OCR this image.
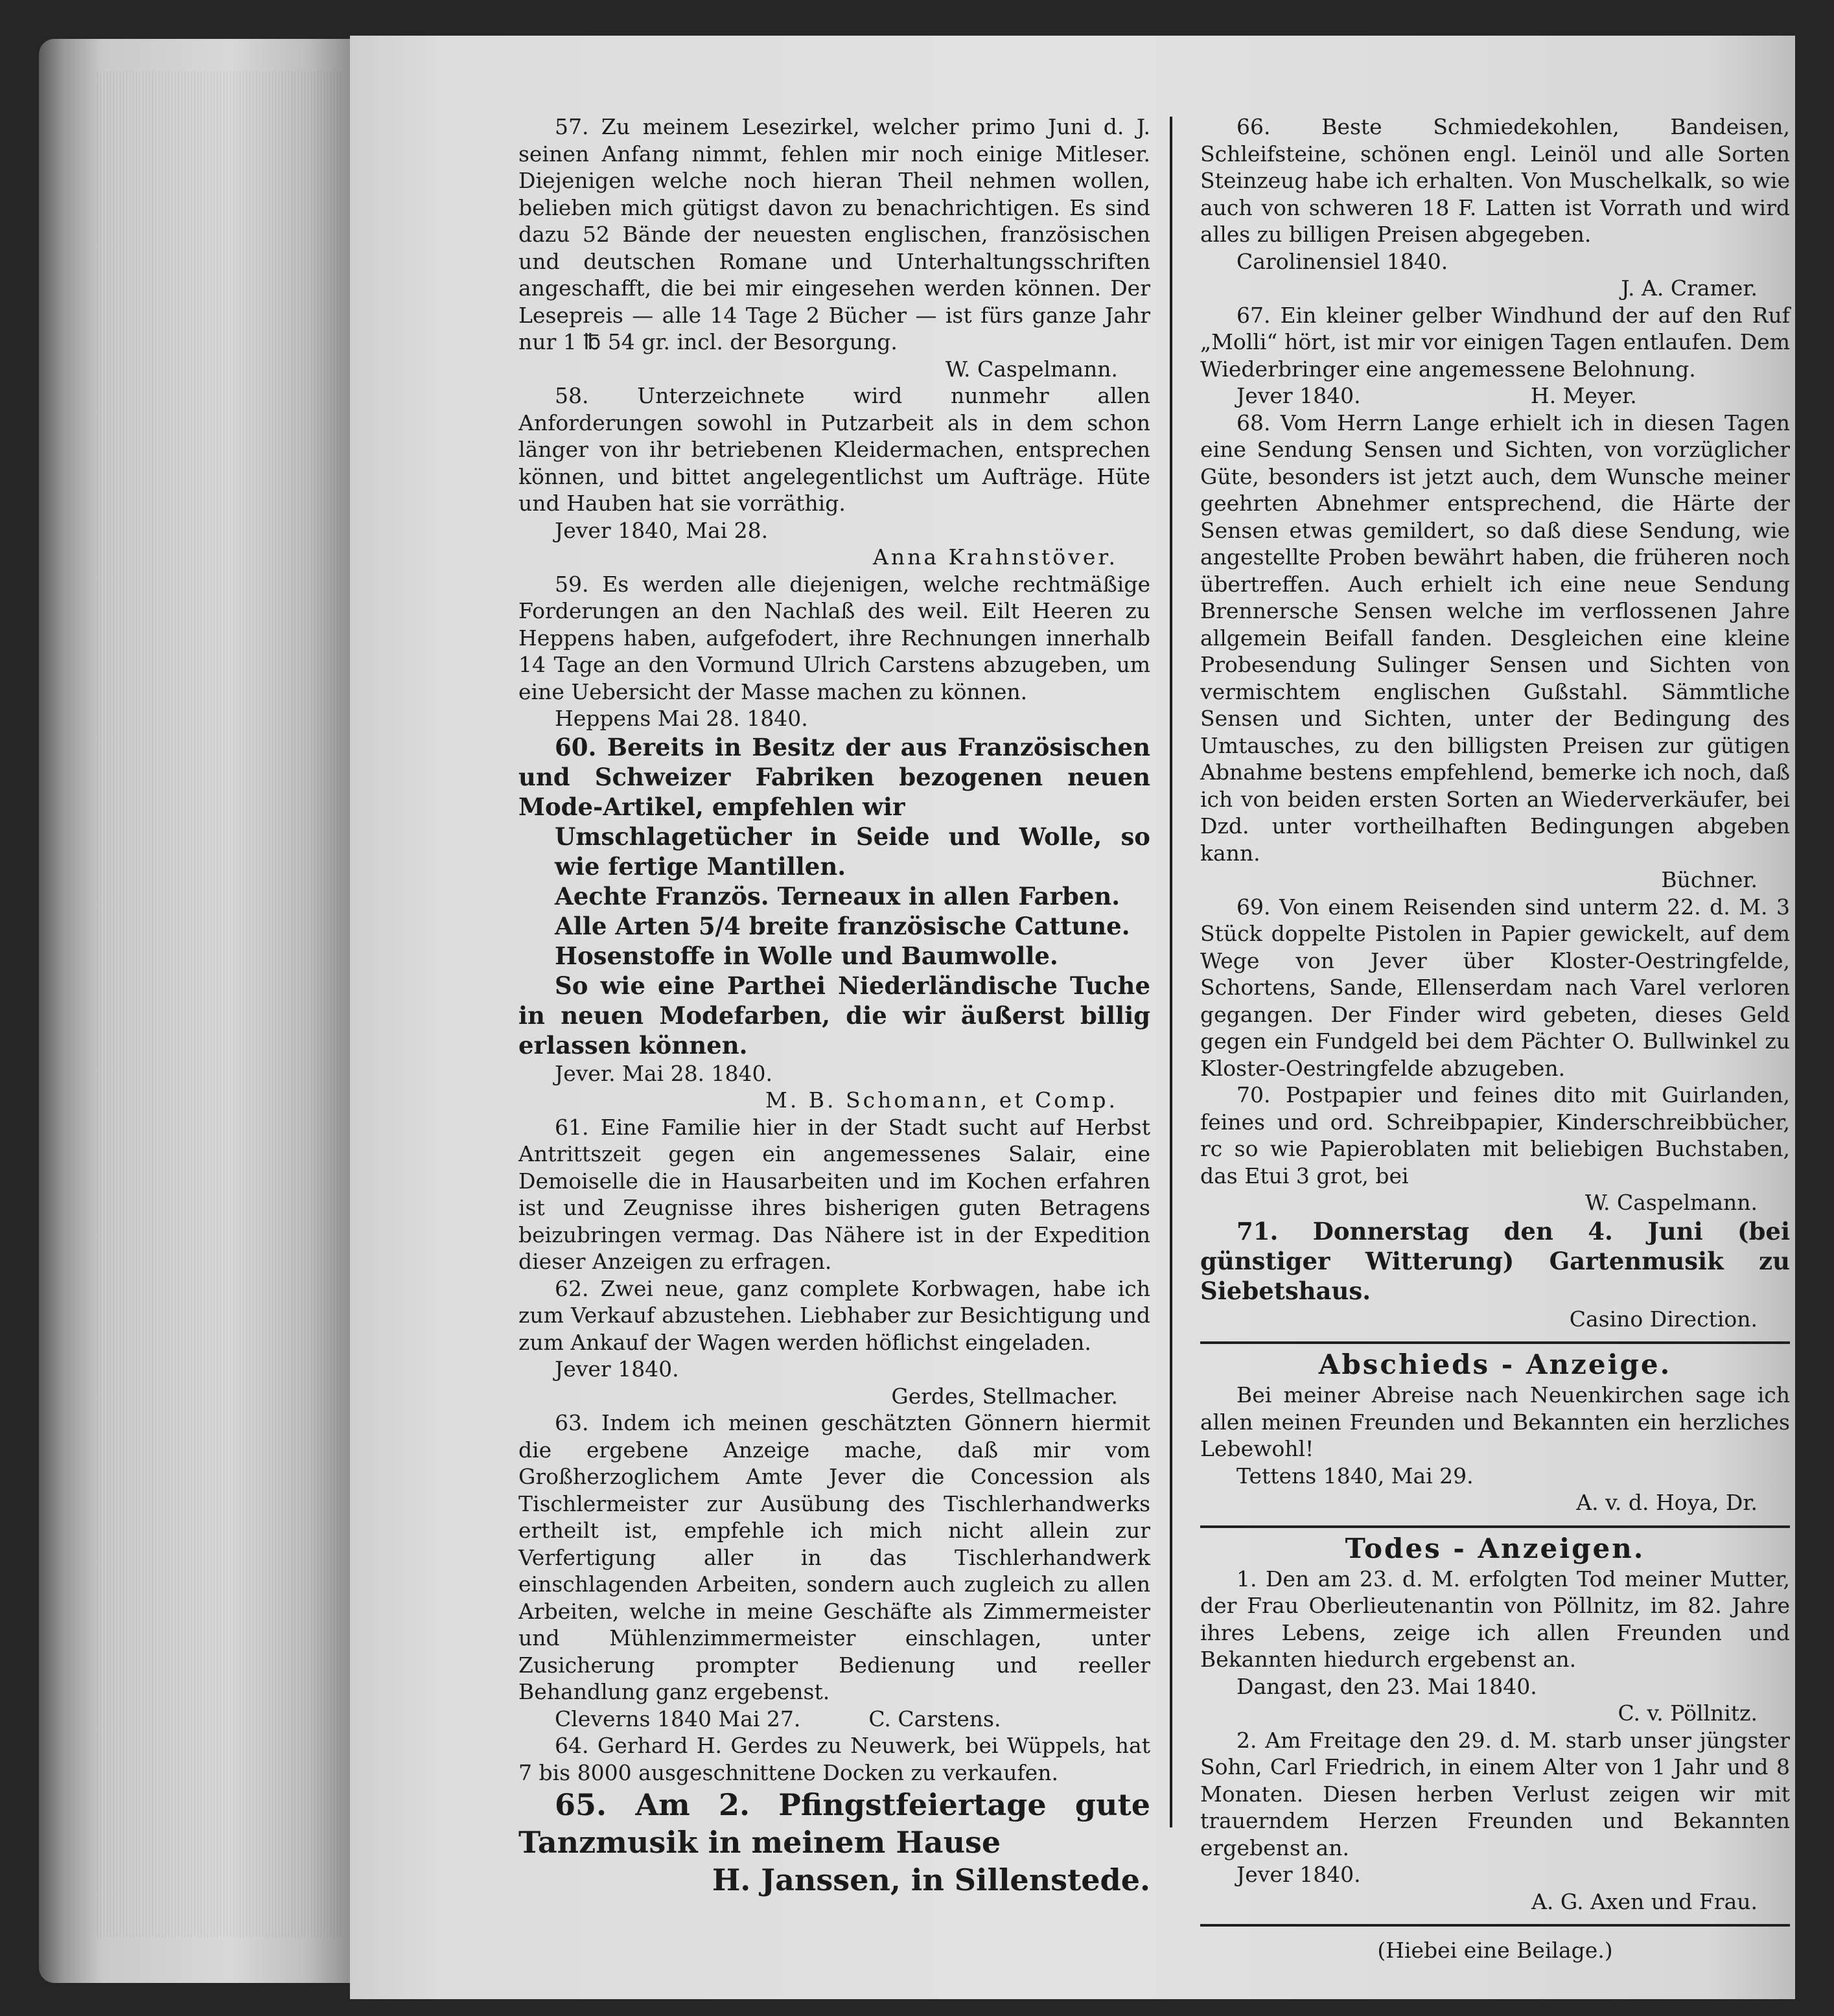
57. Zu meinem Lesezirkel, welcher primo Juni d. J. seinen Anfang nimmt, fehlen mir noch einige Mitleser. Diejenigen welche noch hieran Theil nehmen wollen, belieben mich gütigst davon zu benachrichtigen. Es sind dazu 52 Bände der neuesten englischen, französischen und deutschen Romane und Unterhaltungsschriften angeschafft, die bei mir eingesehen werden können. Der Lesepreis — alle 14 Tage 2 Bücher — ist fürs ganze Jahr nur 1 ℔ 54 gr. incl. der Besorgung.

W. Caspelmann.

58. Unterzeichnete wird nunmehr allen Anforderungen sowohl in Putzarbeit als in dem schon länger von ihr betriebenen Kleidermachen, entsprechen können, und bittet angelegentlichst um Aufträge. Hüte und Hauben hat sie vorräthig.

Jever 1840, Mai 28.

Anna Krahnstöver.

59. Es werden alle diejenigen, welche rechtmäßige Forderungen an den Nachlaß des weil. Eilt Heeren zu Heppens haben, aufgefodert, ihre Rechnungen innerhalb 14 Tage an den Vormund Ulrich Carstens abzugeben, um eine Uebersicht der Masse machen zu können.

Heppens Mai 28. 1840.

60. Bereits in Besitz der aus Französischen und Schweizer Fabriken bezogenen neuen Mode-Artikel, empfehlen wir

Umschlagetücher in Seide und Wolle, so wie fertige Mantillen.

Aechte Französ. Terneaux in allen Farben.

Alle Arten 5/4 breite französische Cattune.

Hosenstoffe in Wolle und Baumwolle.

So wie eine Parthei Niederländische Tuche in neuen Modefarben, die wir äußerst billig erlassen können.

Jever. Mai 28. 1840.

M. B. Schomann, et Comp.

61. Eine Familie hier in der Stadt sucht auf Herbst Antrittszeit gegen ein angemessenes Salair, eine Demoiselle die in Hausarbeiten und im Kochen erfahren ist und Zeugnisse ihres bisherigen guten Betragens beizubringen vermag. Das Nähere ist in der Expedition dieser Anzeigen zu erfragen.

62. Zwei neue, ganz complete Korbwagen, habe ich zum Verkauf abzustehen. Liebhaber zur Besichtigung und zum Ankauf der Wagen werden höflichst eingeladen.

Jever 1840.

Gerdes, Stellmacher.

63. Indem ich meinen geschätzten Gönnern hiermit die ergebene Anzeige mache, daß mir vom Großherzoglichem Amte Jever die Concession als Tischlermeister zur Ausübung des Tischlerhandwerks ertheilt ist, empfehle ich mich nicht allein zur Verfertigung aller in das Tischlerhandwerk einschlagenden Arbeiten, sondern auch zugleich zu allen Arbeiten, welche in meine Geschäfte als Zimmermeister und Mühlenzimmermeister einschlagen, unter Zusicherung prompter Bedienung und reeller Behandlung ganz ergebenst.

Cleverns 1840 Mai 27.          C. Carstens.

64. Gerhard H. Gerdes zu Neuwerk, bei Wüppels, hat 7 bis 8000 ausgeschnittene Docken zu verkaufen.

65. Am 2. Pfingstfeiertage gute Tanzmusik in meinem Hause

H. Janssen, in Sillenstede.

66. Beste Schmiedekohlen, Bandeisen, Schleifsteine, schönen engl. Leinöl und alle Sorten Steinzeug habe ich erhalten. Von Muschelkalk, so wie auch von schweren 18 F. Latten ist Vorrath und wird alles zu billigen Preisen abgegeben.

Carolinensiel 1840.

J. A. Cramer.

67. Ein kleiner gelber Windhund der auf den Ruf „Molli“ hört, ist mir vor einigen Tagen entlaufen. Dem Wiederbringer eine angemessene Belohnung.

Jever 1840.                         H. Meyer.

68. Vom Herrn Lange erhielt ich in diesen Tagen eine Sendung Sensen und Sichten, von vorzüglicher Güte, besonders ist jetzt auch, dem Wunsche meiner geehrten Abnehmer entsprechend, die Härte der Sensen etwas gemildert, so daß diese Sendung, wie angestellte Proben bewährt haben, die früheren noch übertreffen. Auch erhielt ich eine neue Sendung Brennersche Sensen welche im verflossenen Jahre allgemein Beifall fanden. Desgleichen eine kleine Probesendung Sulinger Sensen und Sichten von vermischtem englischen Gußstahl. Sämmtliche Sensen und Sichten, unter der Bedingung des Umtausches, zu den billigsten Preisen zur gütigen Abnahme bestens empfehlend, bemerke ich noch, daß ich von beiden ersten Sorten an Wiederverkäufer, bei Dzd. unter vortheilhaften Bedingungen abgeben kann.

Büchner.

69. Von einem Reisenden sind unterm 22. d. M. 3 Stück doppelte Pistolen in Papier gewickelt, auf dem Wege von Jever über Kloster-Oestringfelde, Schortens, Sande, Ellenserdam nach Varel verloren gegangen. Der Finder wird gebeten, dieses Geld gegen ein Fundgeld bei dem Pächter O. Bullwinkel zu Kloster-Oestringfelde abzugeben.

70. Postpapier und feines dito mit Guirlanden, feines und ord. Schreibpapier, Kinderschreibbücher, rc so wie Papieroblaten mit beliebigen Buchstaben, das Etui 3 grot, bei

W. Caspelmann.

71. Donnerstag den 4. Juni (bei günstiger Witterung) Gartenmusik zu Siebetshaus.

Casino Direction.

Abschieds - Anzeige.

Bei meiner Abreise nach Neuenkirchen sage ich allen meinen Freunden und Bekannten ein herzliches Lebewohl!

Tettens 1840, Mai 29.

A. v. d. Hoya, Dr.

Todes - Anzeigen.

1. Den am 23. d. M. erfolgten Tod meiner Mutter, der Frau Oberlieutenantin von Pöllnitz, im 82. Jahre ihres Lebens, zeige ich allen Freunden und Bekannten hiedurch ergebenst an.

Dangast, den 23. Mai 1840.

C. v. Pöllnitz.

2. Am Freitage den 29. d. M. starb unser jüngster Sohn, Carl Friedrich, in einem Alter von 1 Jahr und 8 Monaten. Diesen herben Verlust zeigen wir mit trauerndem Herzen Freunden und Bekannten ergebenst an.

Jever 1840.

A. G. Axen und Frau.

(Hiebei eine Beilage.)
